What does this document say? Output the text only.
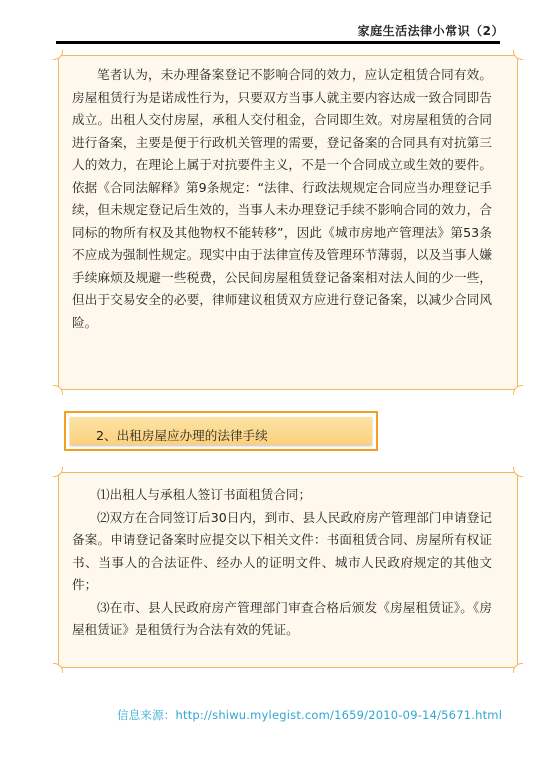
家庭生活法律小常识（2）

笔者认为，未办理备案登记不影响合同的效力，应认定租赁合同有效。房屋租赁行为是诺成性行为，只要双方当事人就主要内容达成一致合同即告成立。出租人交付房屋，承租人交付租金，合同即生效。对房屋租赁的合同进行备案，主要是便于行政机关管理的需要，登记备案的合同具有对抗第三人的效力，在理论上属于对抗要件主义，不是一个合同成立或生效的要件。依据《合同法解释》第9条规定：“法律、行政法规规定合同应当办理登记手续，但未规定登记后生效的，当事人未办理登记手续不影响合同的效力，合同标的物所有权及其他物权不能转移”，因此《城市房地产管理法》第53条不应成为强制性规定。现实中由于法律宣传及管理环节薄弱，以及当事人嫌手续麻烦及规避一些税费，公民间房屋租赁登记备案相对法人间的少一些，但出于交易安全的必要，律师建议租赁双方应进行登记备案，以减少合同风险。

2、出租房屋应办理的法律手续

⑴出租人与承租人签订书面租赁合同；

⑵双方在合同签订后30日内，到市、县人民政府房产管理部门申请登记备案。申请登记备案时应提交以下相关文件：书面租赁合同、房屋所有权证书、当事人的合法证件、经办人的证明文件、城市人民政府规定的其他文件；

⑶在市、县人民政府房产管理部门审查合格后颁发《房屋租赁证》。《房屋租赁证》是租赁行为合法有效的凭证。

信息来源：http://shiwu.mylegist.com/1659/2010-09-14/5671.html
